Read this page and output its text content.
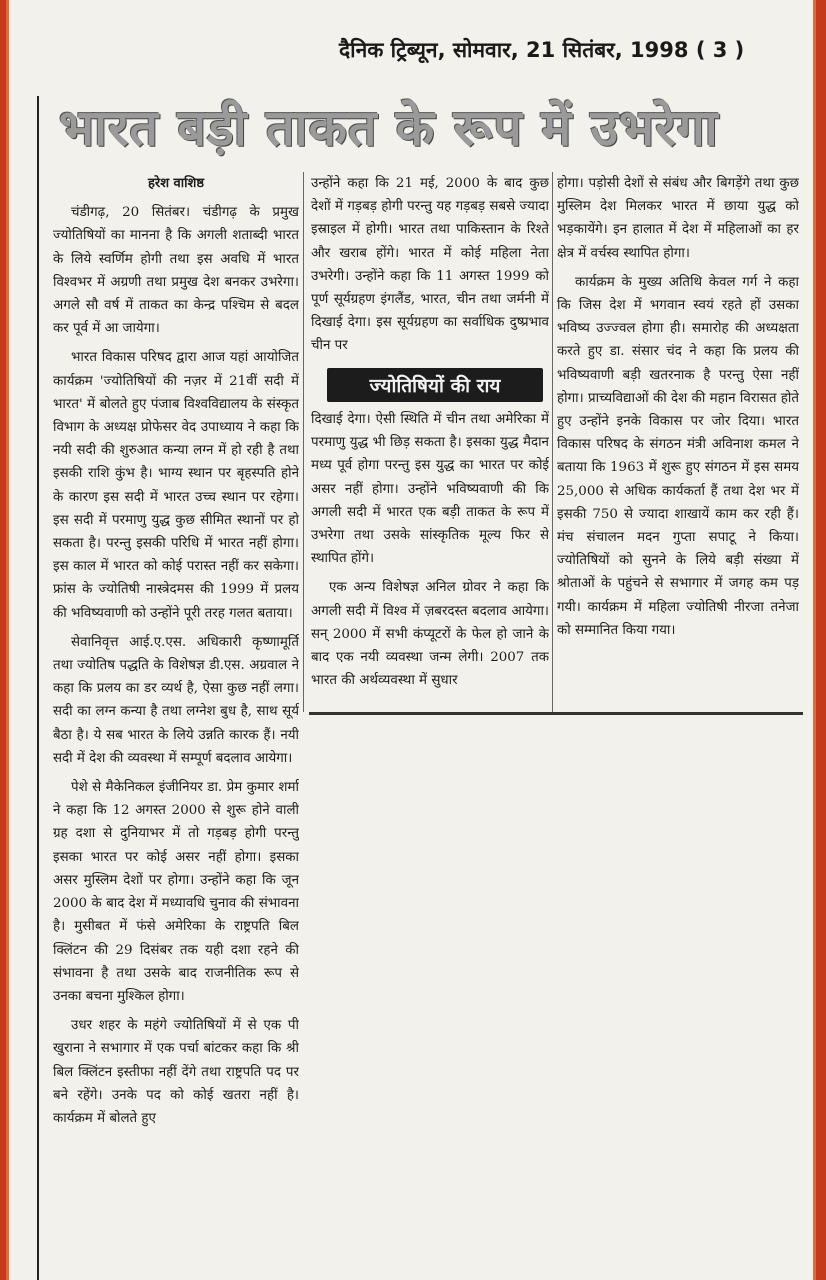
दैनिक ट्रिब्यून, सोमवार, 21 सितंबर, 1998 ( 3 )
भारत बड़ी ताकत के रूप में उभरेगा

हरेश वाशिष्ठ

चंडीगढ़, 20 सितंबर। चंडीगढ़ के प्रमुख ज्योतिषियों का मानना है कि अगली शताब्दी भारत के लिये स्वर्णिम होगी तथा इस अवधि में भारत विश्वभर में अग्रणी तथा प्रमुख देश बनकर उभरेगा। अगले सौ वर्ष में ताकत का केन्द्र पश्चिम से बदल कर पूर्व में आ जायेगा।

भारत विकास परिषद द्वारा आज यहां आयोजित कार्यक्रम 'ज्योतिषियों की नज़र में 21वीं सदी में भारत' में बोलते हुए पंजाब विश्वविद्यालय के संस्कृत विभाग के अध्यक्ष प्रोफेसर वेद उपाध्याय ने कहा कि नयी सदी की शुरुआत कन्या लग्न में हो रही है तथा इसकी राशि कुंभ है। भाग्य स्थान पर बृहस्पति होने के कारण इस सदी में भारत उच्च स्थान पर रहेगा। इस सदी में परमाणु युद्ध कुछ सीमित स्थानों पर हो सकता है। परन्तु इसकी परिधि में भारत नहीं होगा। इस काल में भारत को कोई परास्त नहीं कर सकेगा। फ्रांस के ज्योतिषी नास्त्रेदमस की 1999 में प्रलय की भविष्यवाणी को उन्होंने पूरी तरह गलत बताया।

सेवानिवृत्त आई.ए.एस. अधिकारी कृष्णामूर्ति तथा ज्योतिष पद्धति के विशेषज्ञ डी.एस. अग्रवाल ने कहा कि प्रलय का डर व्यर्थ है, ऐसा कुछ नहीं लगा। सदी का लग्न कन्या है तथा लग्नेश बुध है, साथ सूर्य बैठा है। ये सब भारत के लिये उन्नति कारक हैं। नयी सदी में देश की व्यवस्था में सम्पूर्ण बदलाव आयेगा।

पेशे से मैकेनिकल इंजीनियर डा. प्रेम कुमार शर्मा ने कहा कि 12 अगस्त 2000 से शुरू होने वाली ग्रह दशा से दुनियाभर में तो गड़बड़ होगी परन्तु इसका भारत पर कोई असर नहीं होगा। इसका असर मुस्लिम देशों पर होगा। उन्होंने कहा कि जून 2000 के बाद देश में मध्यावधि चुनाव की संभावना है। मुसीबत में फंसे अमेरिका के राष्ट्रपति बिल क्लिंटन की 29 दिसंबर तक यही दशा रहने की संभावना है तथा उसके बाद राजनीतिक रूप से उनका बचना मुश्किल होगा।

उधर शहर के महंगे ज्योतिषियों में से एक पी खुराना ने सभागार में एक पर्चा बांटकर कहा कि श्री बिल क्लिंटन इस्तीफा नहीं देंगे तथा राष्ट्रपति पद पर बने रहेंगे। उनके पद को कोई खतरा नहीं है। कार्यक्रम में बोलते हुए

उन्होंने कहा कि 21 मई, 2000 के बाद कुछ देशों में गड़बड़ होगी परन्तु यह गड़बड़ सबसे ज्यादा इस्राइल में होगी। भारत तथा पाकिस्तान के रिश्ते और खराब होंगे। भारत में कोई महिला नेता उभरेगी। उन्होंने कहा कि 11 अगस्त 1999 को पूर्ण सूर्यग्रहण इंगलैंड, भारत, चीन तथा जर्मनी में दिखाई देगा। इस सूर्यग्रहण का सर्वाधिक दुष्प्रभाव चीन पर

दिखाई देगा। ऐसी स्थिति में चीन तथा अमेरिका में परमाणु युद्ध भी छिड़ सकता है। इसका युद्ध मैदान मध्य पूर्व होगा परन्तु इस युद्ध का भारत पर कोई असर नहीं होगा। उन्होंने भविष्यवाणी की कि अगली सदी में भारत एक बड़ी ताकत के रूप में उभरेगा तथा उसके सांस्कृतिक मूल्य फिर से स्थापित होंगे।

एक अन्य विशेषज्ञ अनिल ग्रोवर ने कहा कि अगली सदी में विश्व में ज़बरदस्त बदलाव आयेगा। सन् 2000 में सभी कंप्यूटरों के फेल हो जाने के बाद एक नयी व्यवस्था जन्म लेगी। 2007 तक भारत की अर्थव्यवस्था में सुधार

ज्योतिषियों की राय

होगा। पड़ोसी देशों से संबंध और बिगड़ेंगे तथा कुछ मुस्लिम देश मिलकर भारत में छाया युद्ध को भड़कायेंगे। इन हालात में देश में महिलाओं का हर क्षेत्र में वर्चस्व स्थापित होगा।

कार्यक्रम के मुख्य अतिथि केवल गर्ग ने कहा कि जिस देश में भगवान स्वयं रहते हों उसका भविष्य उज्ज्वल होगा ही। समारोह की अध्यक्षता करते हुए डा. संसार चंद ने कहा कि प्रलय की भविष्यवाणी बड़ी खतरनाक है परन्तु ऐसा नहीं होगा। प्राच्यविद्याओं की देश की महान विरासत होते हुए उन्होंने इनके विकास पर जोर दिया। भारत विकास परिषद के संगठन मंत्री अविनाश कमल ने बताया कि 1963 में शुरू हुए संगठन में इस समय 25,000 से अधिक कार्यकर्ता हैं तथा देश भर में इसकी 750 से ज्यादा शाखायें काम कर रही हैं। मंच संचालन मदन गुप्ता सपाटू ने किया। ज्योतिषियों को सुनने के लिये बड़ी संख्या में श्रोताओं के पहुंचने से सभागार में जगह कम पड़ गयी। कार्यक्रम में महिला ज्योतिषी नीरजा तनेजा को सम्मानित किया गया।
